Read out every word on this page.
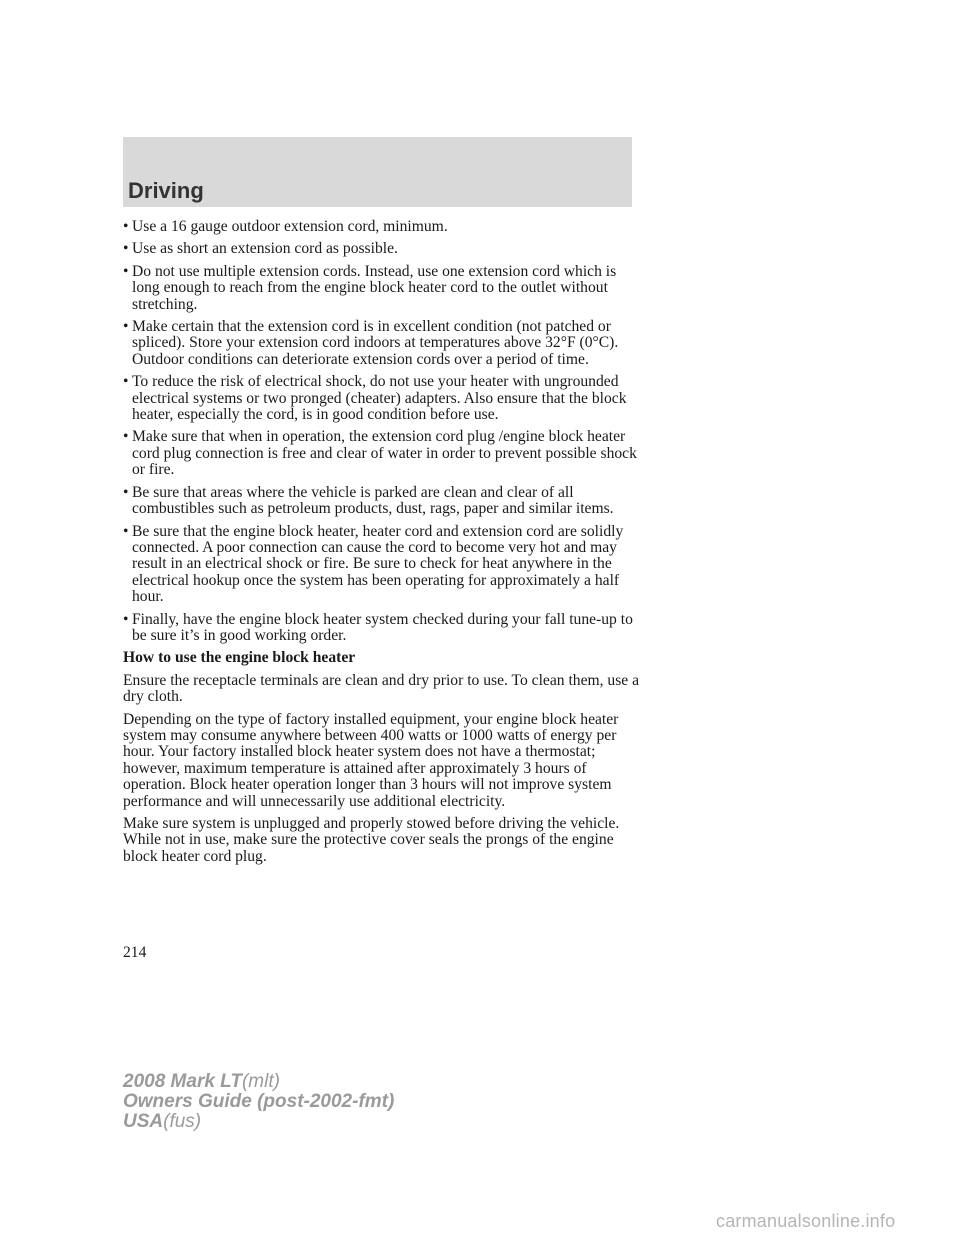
Driving
• Use a 16 gauge outdoor extension cord, minimum.
• Use as short an extension cord as possible.
• Do not use multiple extension cords. Instead, use one extension cord which is long enough to reach from the engine block heater cord to the outlet without stretching.
• Make certain that the extension cord is in excellent condition (not patched or spliced). Store your extension cord indoors at temperatures above 32°F (0°C). Outdoor conditions can deteriorate extension cords over a period of time.
• To reduce the risk of electrical shock, do not use your heater with ungrounded electrical systems or two pronged (cheater) adapters. Also ensure that the block heater, especially the cord, is in good condition before use.
• Make sure that when in operation, the extension cord plug /engine block heater cord plug connection is free and clear of water in order to prevent possible shock or fire.
• Be sure that areas where the vehicle is parked are clean and clear of all combustibles such as petroleum products, dust, rags, paper and similar items.
• Be sure that the engine block heater, heater cord and extension cord are solidly connected. A poor connection can cause the cord to become very hot and may result in an electrical shock or fire. Be sure to check for heat anywhere in the electrical hookup once the system has been operating for approximately a half hour.
• Finally, have the engine block heater system checked during your fall tune-up to be sure it’s in good working order.

How to use the engine block heater

Ensure the receptacle terminals are clean and dry prior to use. To clean them, use a dry cloth.

Depending on the type of factory installed equipment, your engine block heater system may consume anywhere between 400 watts or 1000 watts of energy per hour. Your factory installed block heater system does not have a thermostat; however, maximum temperature is attained after approximately 3 hours of operation. Block heater operation longer than 3 hours will not improve system performance and will unnecessarily use additional electricity.

Make sure system is unplugged and properly stowed before driving the vehicle. While not in use, make sure the protective cover seals the prongs of the engine block heater cord plug.

214
2008 Mark LT(mlt)
Owners Guide (post-2002-fmt)
USA(fus)
carmanualsonline.info
